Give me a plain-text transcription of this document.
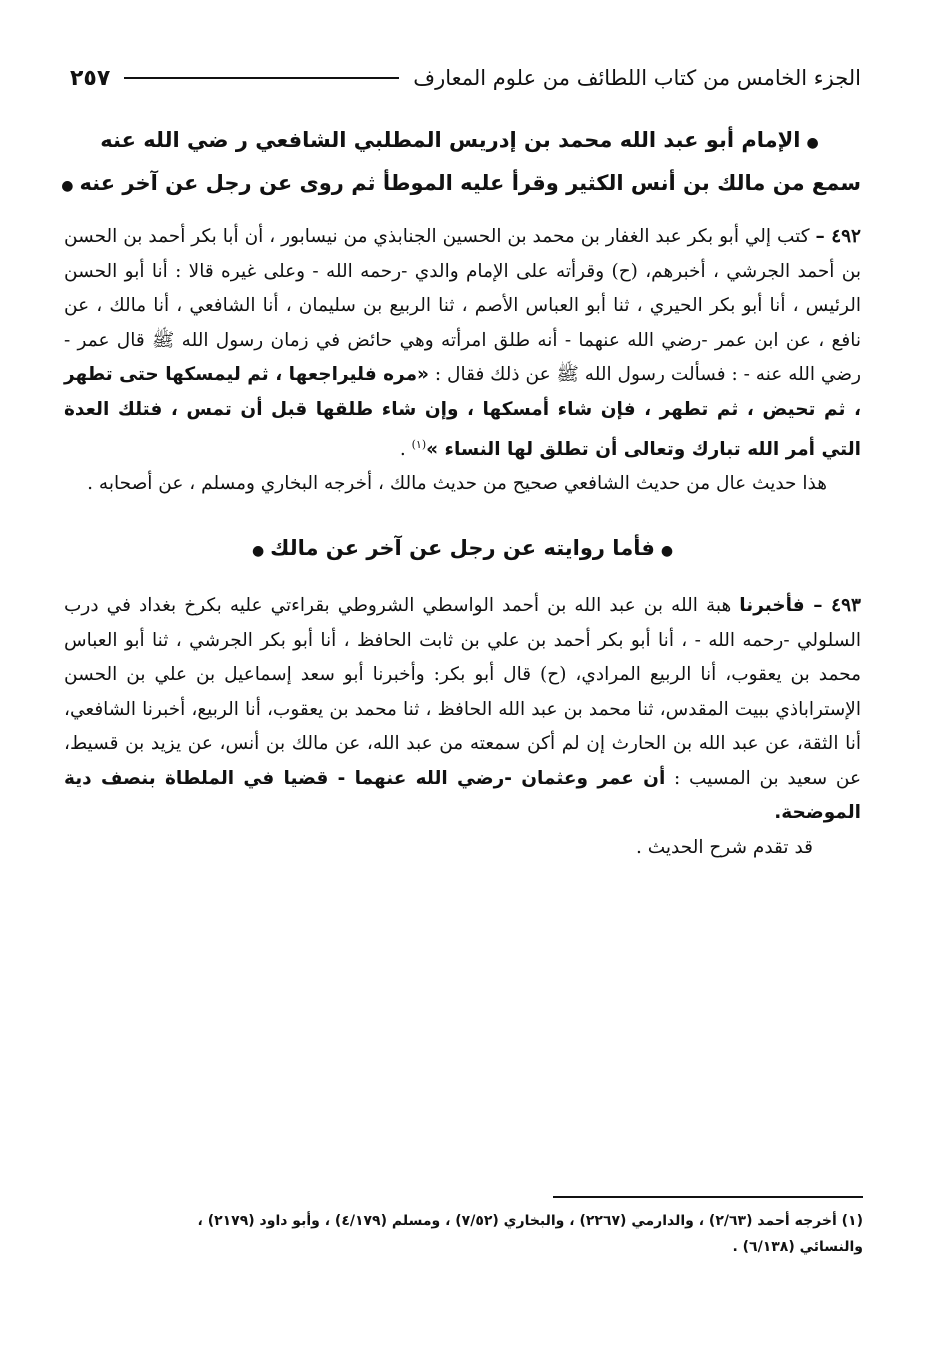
الجزء الخامس من كتاب اللطائف من علوم المعارف
٢٥٧
●الإمام أبو عبد الله محمد بن إدريس المطلبي الشافعي ر ضي الله عنه
سمع من مالك بن أنس الكثير وقرأ عليه الموطأ ثم روى عن رجل عن آخر عنه●

٤٩٢ – كتب إلي أبو بكر عبد الغفار بن محمد بن الحسين الجنابذي من نيسابور ، أن أبا بكر أحمد بن الحسن بن أحمد الجرشي ، أخبرهم، (ح) وقرأته على الإمام والدي -رحمه الله - وعلى غيره قالا : أنا أبو الحسن الرئيس ، أنا أبو بكر الحيري ، ثنا أبو العباس الأصم ، ثنا الربيع بن سليمان ، أنا الشافعي ، أنا مالك ، عن نافع ، عن ابن عمر -رضي الله عنهما - أنه طلق امرأته وهي حائض في زمان رسول الله ﷺ قال عمر - رضي الله عنه - : فسألت رسول الله ﷺ عن ذلك فقال : «مره فليراجعها ، ثم ليمسكها حتى تطهر ، ثم تحيض ، ثم تطهر ، فإن شاء أمسكها ، وإن شاء طلقها قبل أن تمس ، فتلك العدة التي أمر الله تبارك وتعالى أن تطلق لها النساء »$^{(١)}$ .

هذا حديث عال من حديث الشافعي صحيح من حديث مالك ، أخرجه البخاري ومسلم ، عن أصحابه .

●فأما روايته عن رجل عن آخر عن مالك●

٤٩٣ – فأخبرنا هبة الله بن عبد الله بن أحمد الواسطي الشروطي بقراءتي عليه بكرخ بغداد في درب السلولي -رحمه الله - ، أنا أبو بكر أحمد بن علي بن ثابت الحافظ ، أنا أبو بكر الجرشي ، ثنا أبو العباس محمد بن يعقوب، أنا الربيع المرادي، (ح) قال أبو بكر: وأخبرنا أبو سعد إسماعيل بن علي بن الحسن الإستراباذي ببيت المقدس، ثنا محمد بن عبد الله الحافظ ، ثنا محمد بن يعقوب، أنا الربيع، أخبرنا الشافعي، أنا الثقة، عن عبد الله بن الحارث إن لم أكن سمعته من عبد الله، عن مالك بن أنس، عن يزيد بن قسيط، عن سعيد بن المسيب : أن عمر وعثمان -رضي الله عنهما - قضيا في الملطاة بنصف دية الموضحة.

قد تقدم شرح الحديث .

(١) أخرجه أحمد (٢/٦٣) ، والدارمي (٢٢٦٧) ، والبخاري (٧/٥٢) ، ومسلم (٤/١٧٩) ، وأبو داود (٢١٧٩) ،

والنسائي (٦/١٣٨) .
